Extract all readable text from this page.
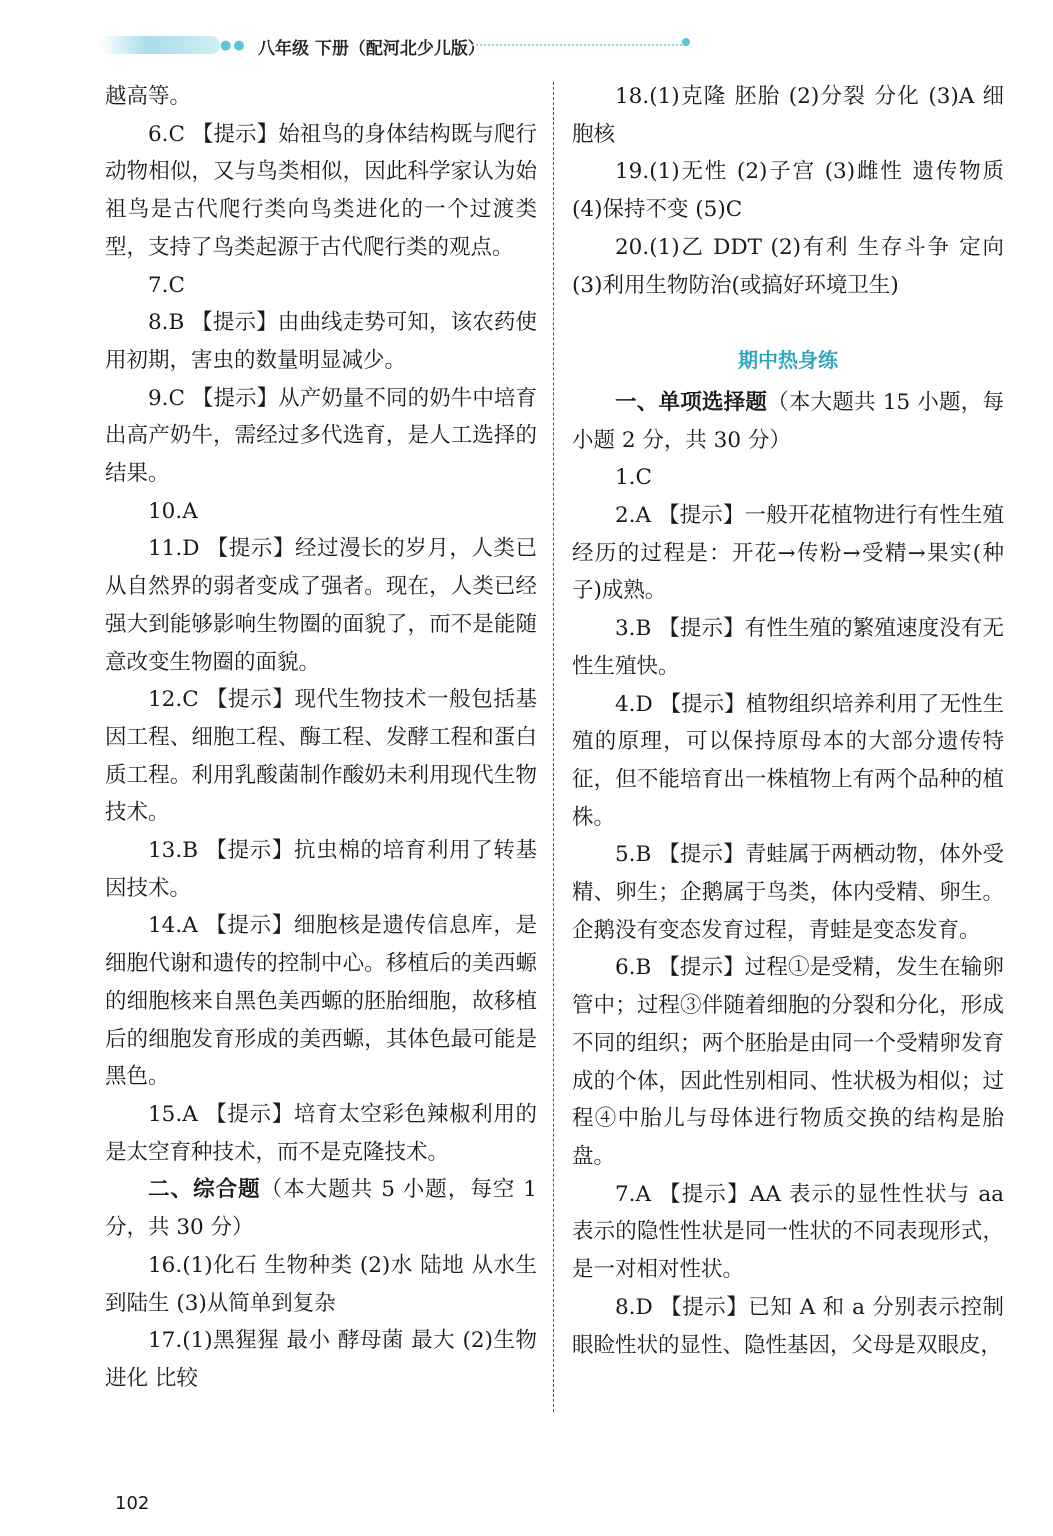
●● 八年级 下册（配河北少儿版）

越高等。

6.C 【提示】始祖鸟的身体结构既与爬行动物相似，又与鸟类相似，因此科学家认为始祖鸟是古代爬行类向鸟类进化的一个过渡类型，支持了鸟类起源于古代爬行类的观点。

7.C

8.B 【提示】由曲线走势可知，该农药使用初期，害虫的数量明显减少。

9.C 【提示】从产奶量不同的奶牛中培育出高产奶牛，需经过多代选育，是人工选择的结果。

10.A

11.D 【提示】经过漫长的岁月，人类已从自然界的弱者变成了强者。现在，人类已经强大到能够影响生物圈的面貌了，而不是能随意改变生物圈的面貌。

12.C 【提示】现代生物技术一般包括基因工程、细胞工程、酶工程、发酵工程和蛋白质工程。利用乳酸菌制作酸奶未利用现代生物技术。

13.B 【提示】抗虫棉的培育利用了转基因技术。

14.A 【提示】细胞核是遗传信息库，是细胞代谢和遗传的控制中心。移植后的美西螈的细胞核来自黑色美西螈的胚胎细胞，故移植后的细胞发育形成的美西螈，其体色最可能是黑色。

15.A 【提示】培育太空彩色辣椒利用的是太空育种技术，而不是克隆技术。

二、综合题（本大题共 5 小题，每空 1 分，共 30 分）

16.(1)化石 生物种类 (2)水 陆地 从水生到陆生 (3)从简单到复杂

17.(1)黑猩猩 最小 酵母菌 最大 (2)生物进化 比较

18.(1)克隆 胚胎 (2)分裂 分化 (3)A 细胞核

19.(1)无性 (2)子宫 (3)雌性 遗传物质 (4)保持不变 (5)C

20.(1)乙 DDT (2)有利 生存斗争 定向 (3)利用生物防治(或搞好环境卫生)

期中热身练

一、单项选择题（本大题共 15 小题，每小题 2 分，共 30 分）

1.C

2.A 【提示】一般开花植物进行有性生殖经历的过程是：开花→传粉→受精→果实(种子)成熟。

3.B 【提示】有性生殖的繁殖速度没有无性生殖快。

4.D 【提示】植物组织培养利用了无性生殖的原理，可以保持原母本的大部分遗传特征，但不能培育出一株植物上有两个品种的植株。

5.B 【提示】青蛙属于两栖动物，体外受精、卵生；企鹅属于鸟类，体内受精、卵生。企鹅没有变态发育过程，青蛙是变态发育。

6.B 【提示】过程①是受精，发生在输卵管中；过程③伴随着细胞的分裂和分化，形成不同的组织；两个胚胎是由同一个受精卵发育成的个体，因此性别相同、性状极为相似；过程④中胎儿与母体进行物质交换的结构是胎盘。

7.A 【提示】AA 表示的显性性状与 aa 表示的隐性性状是同一性状的不同表现形式，是一对相对性状。

8.D 【提示】已知 A 和 a 分别表示控制眼睑性状的显性、隐性基因，父母是双眼皮，

102
